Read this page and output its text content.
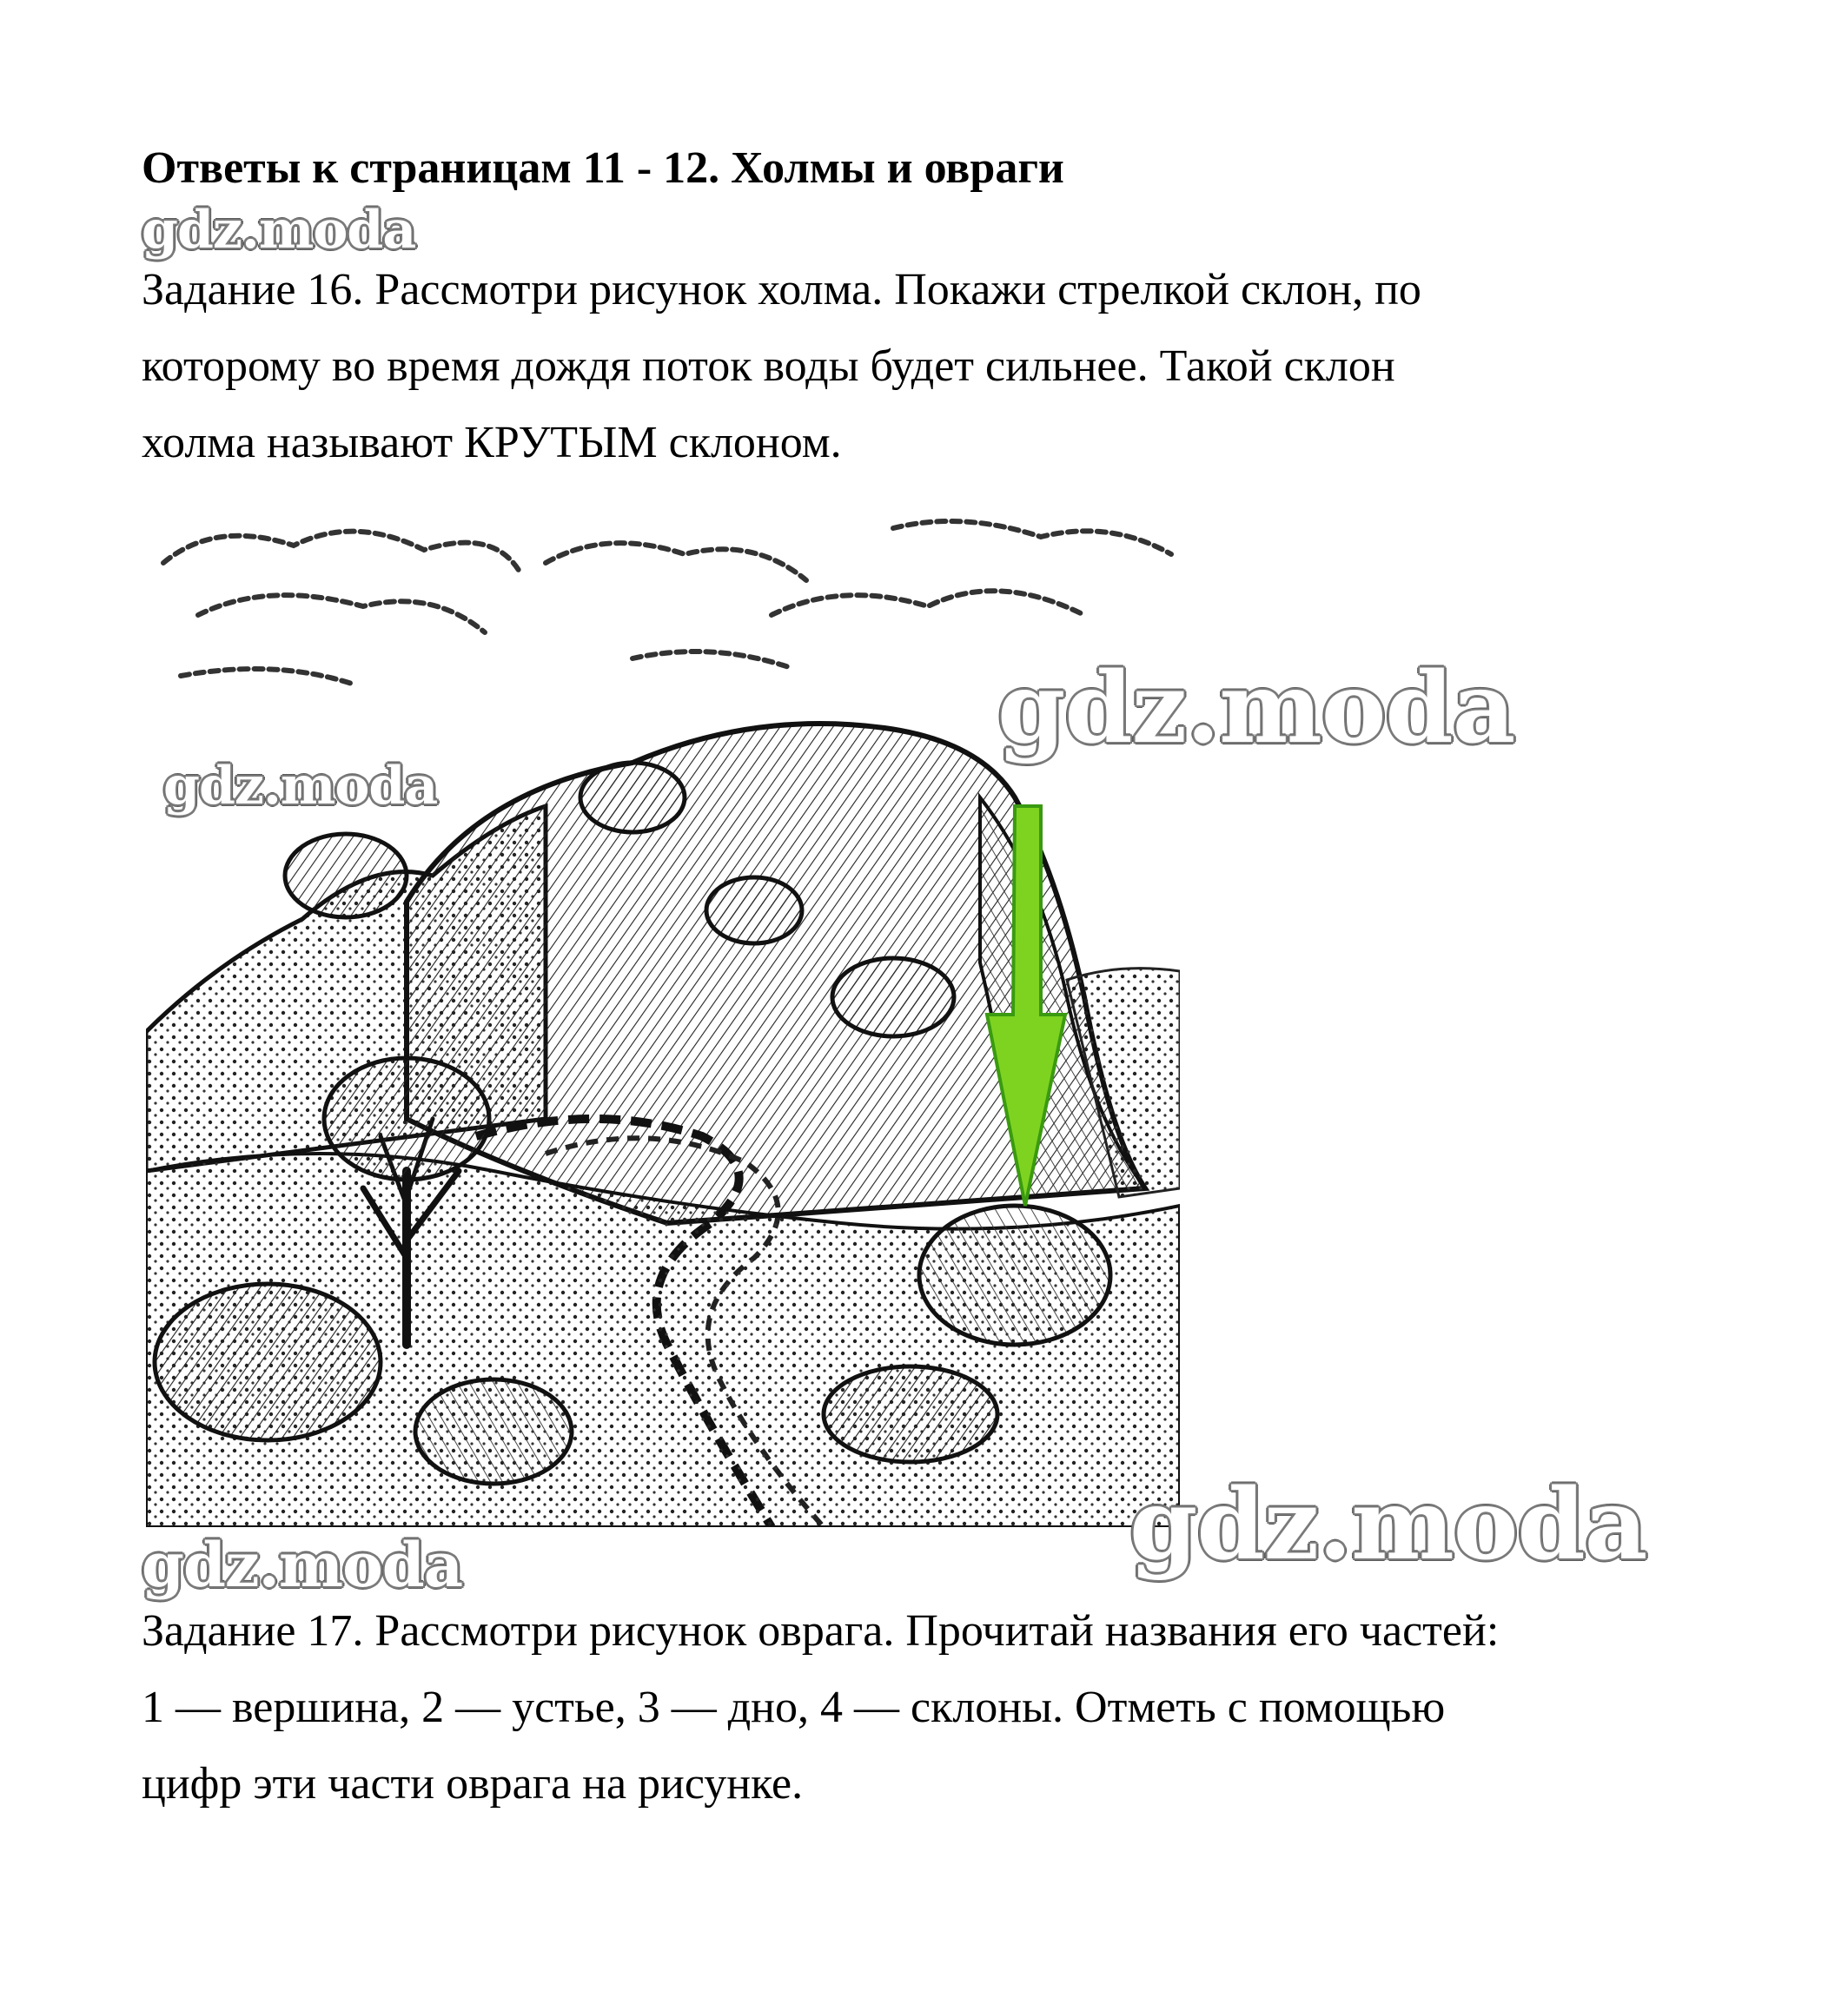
Ответы к страницам 11 - 12. Холмы и овраги
gdz.moda
Задание 16. Рассмотри рисунок холма. Покажи стрелкой склон, по
которому во время дождя поток воды будет сильнее. Такой склон
холма называют КРУТЫМ склоном.
gdz.moda
gdz.moda
gdz.moda
gdz.moda
Задание 17. Рассмотри рисунок оврага. Прочитай названия его частей:
1 — вершина, 2 — устье, 3 — дно, 4 — склоны. Отметь с помощью
цифр эти части оврага на рисунке.
